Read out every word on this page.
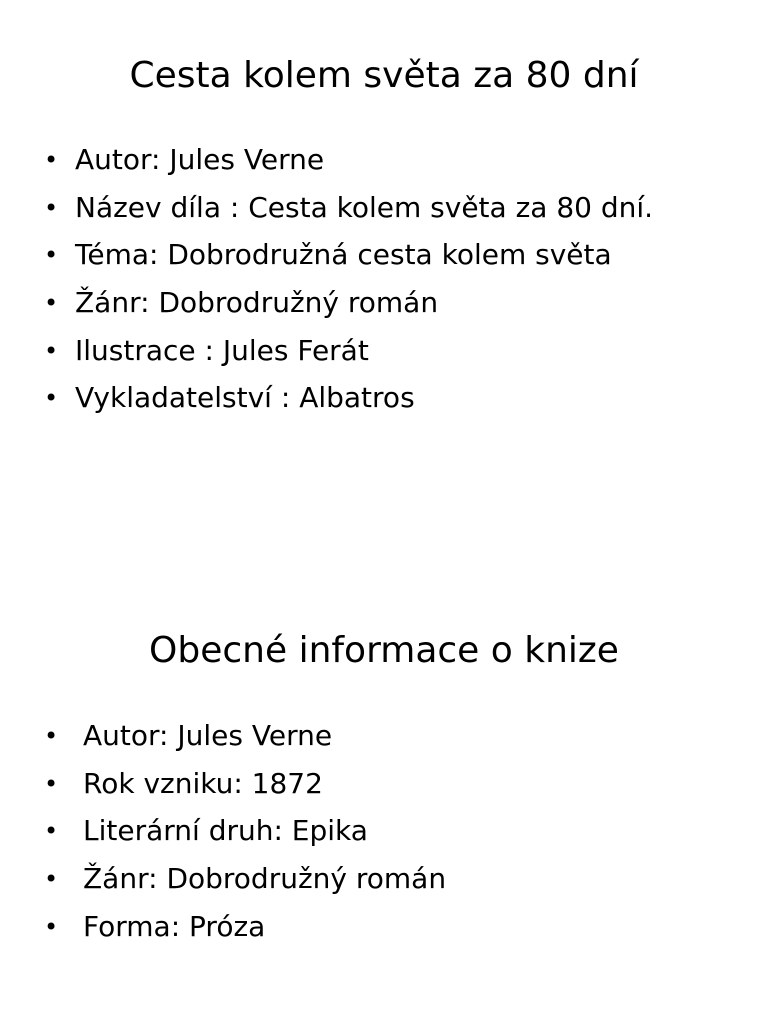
Cesta kolem světa za 80 dní
• Autor: Jules Verne
• Název díla : Cesta kolem světa za 80 dní.
• Téma: Dobrodružná cesta kolem světa
• Žánr: Dobrodružný román
• Ilustrace : Jules Ferát
• Vykladatelství : Albatros
Obecné informace o knize
• Autor: Jules Verne
• Rok vzniku: 1872
• Literární druh: Epika
• Žánr: Dobrodružný román
• Forma: Próza
